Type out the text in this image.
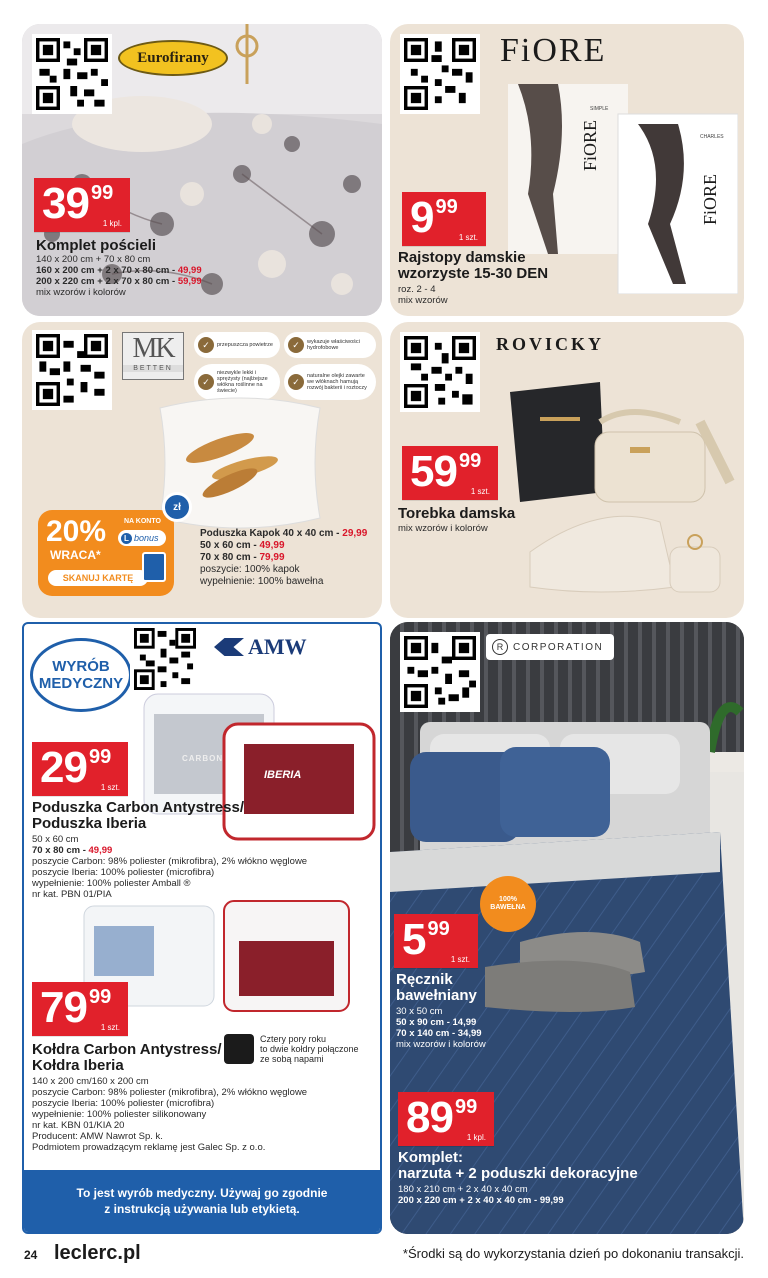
Eurofirany
39 99
1 kpl.
Komplet pościeli
140 x 200 cm + 70 x 80 cm
160 x 200 cm + 2 x 70 x 80 cm - 49,99
200 x 220 cm + 2 x 70 x 80 cm - 59,99
mix wzorów i kolorów
FiORE
SIMPLE
FiORE	CHARLES
FiORE
9 99
1 szt.
Rajstopy damskie
wzorzyste 15-30 DEN
roz. 2 - 4
mix wzorów
MK
BETTEN
✓	przepuszcza powietrze	✓	wykazuje właściwości hydrofobowe
✓
niezwykle lekki i sprężysty (najlżejsze włókna roślinne na świecie)
✓
naturalne olejki zawarte we włóknach hamują rozwój bakterii i roztoczy
20%
WRACA*
NA KONTO
L bonus
SKANUJ KARTĘ
zł
Poduszka Kapok 40 x 40 cm - 29,99
50 x 60 cm - 49,99
70 x 80 cm - 79,99
poszycie: 100% kapok
wypełnienie: 100% bawełna
ROVICKY
59 99
1 szt.
Torebka damska
mix wzorów i kolorów
WYRÓB
MEDYCZNY
AMW
CARBON
IBERIA
29 99
1 szt.
Poduszka Carbon Antystress/
Poduszka Iberia
50 x 60 cm
70 x 80 cm - 49,99
poszycie Carbon: 98% poliester (mikrofibra), 2% włókno węglowe
poszycie Iberia: 100% poliester (microfibra)
wypełnienie: 100% poliester Amball ®
nr kat. PBN 01/PIA
79 99
1 szt.
Kołdra Carbon Antystress/
Kołdra Iberia
Cztery pory roku
to dwie kołdry połączone
ze sobą napami
140 x 200 cm/160 x 200 cm
poszycie Carbon: 98% poliester (mikrofibra), 2% włókno węglowe
poszycie Iberia: 100% poliester (microfibra)
wypełnienie: 100% poliester silikonowany
nr kat. KBN 01/KIA 20
Producent: AMW Nawrot Sp. k.
Podmiotem prowadzącym reklamę jest Galec Sp. z o.o.
To jest wyrób medyczny. Używaj go zgodnie
z instrukcją używania lub etykietą.
R CORPORATION
100% BAWEŁNA
5 99
1 szt.
Ręcznik
bawełniany
30 x 50 cm
50 x 90 cm - 14,99
70 x 140 cm - 34,99
mix wzorów i kolorów
89 99
1 kpl.
Komplet:
narzuta + 2 poduszki dekoracyjne
180 x 210 cm + 2 x 40 x 40 cm
200 x 220 cm + 2 x 40 x 40 cm - 99,99
24 leclerc.pl	*Środki są do wykorzystania dzień po dokonaniu transakcji.
